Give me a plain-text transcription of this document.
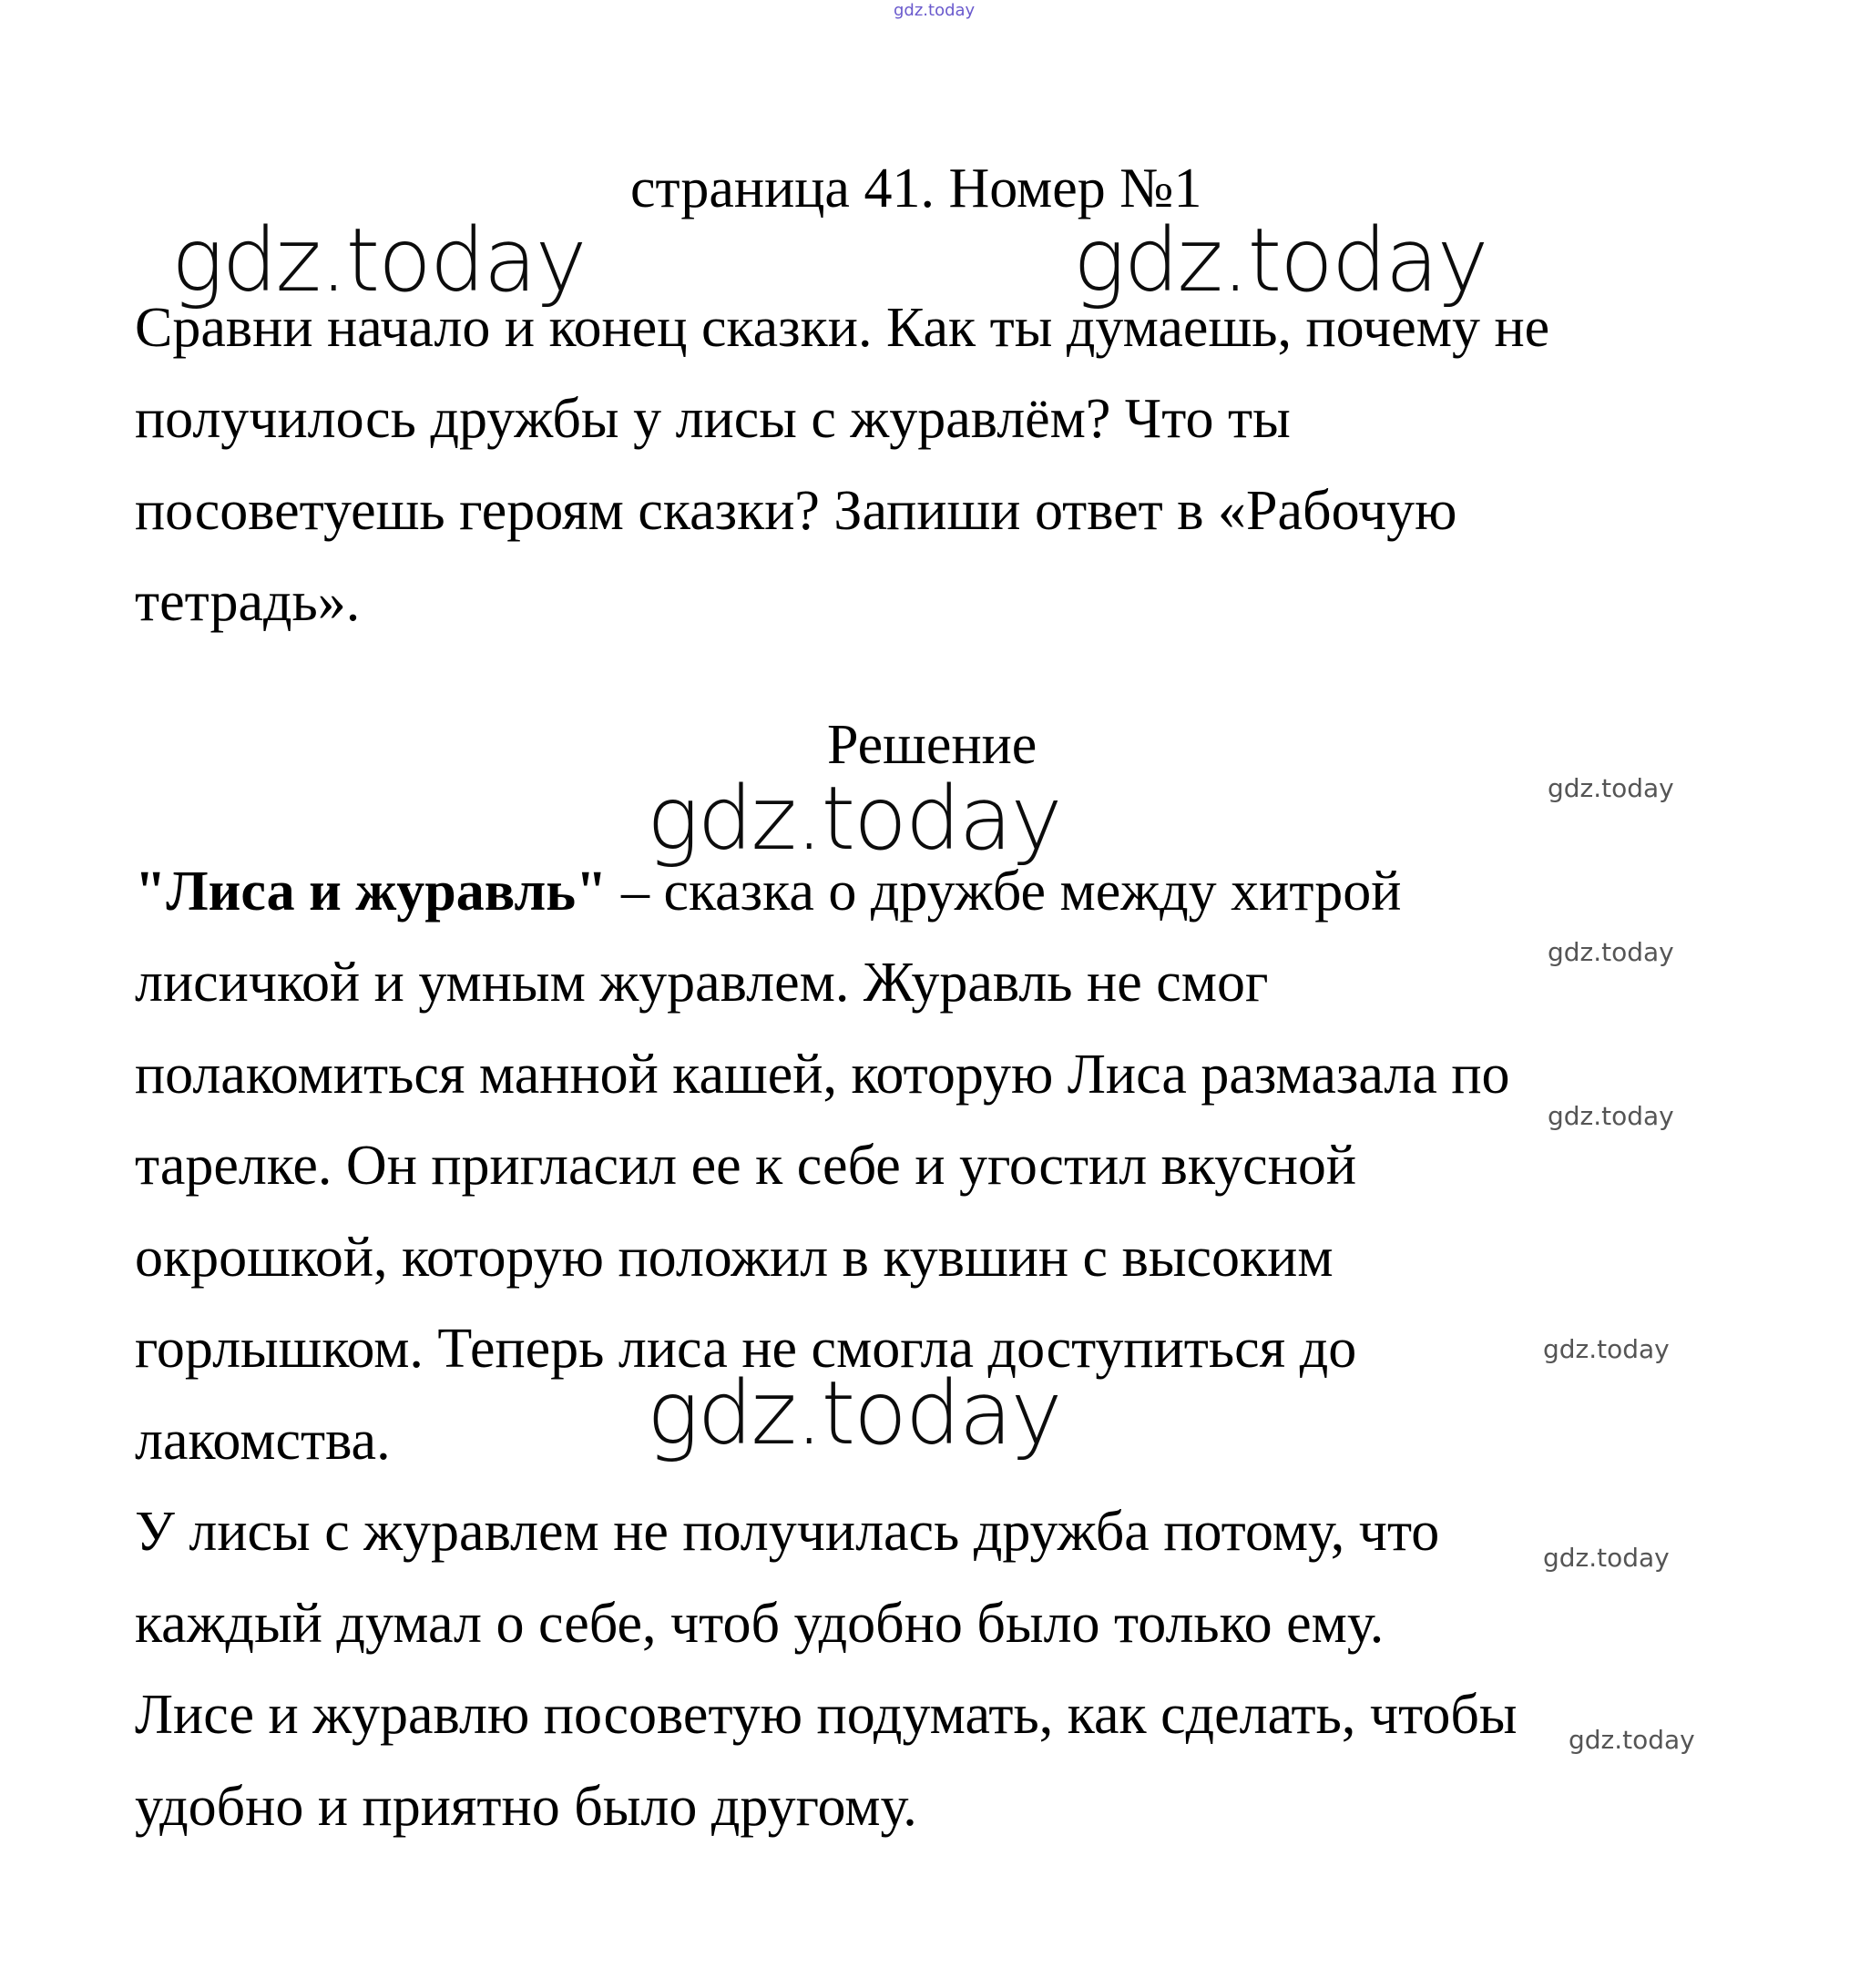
gdz.today
страница 41. Номер №1
Сравни начало и конец сказки. Как ты думаешь, почему не
получилось дружбы у лисы с журавлём? Что ты
посоветуешь героям сказки? Запиши ответ в «Рабочую
тетрадь».
Решение
"Лиса и журавль" – сказка о дружбе между хитрой
лисичкой и умным журавлем. Журавль не смог
полакомиться манной кашей, которую Лиса размазала по
тарелке. Он пригласил ее к себе и угостил вкусной
окрошкой, которую положил в кувшин с высоким
горлышком. Теперь лиса не смогла доступиться до
лакомства.
У лисы с журавлем не получилась дружба потому, что
каждый думал о себе, чтоб удобно было только ему.
Лисе и журавлю посоветую подумать, как сделать, чтобы
удобно и приятно было другому.
gdz.today	gdz.today
gdz.today
gdz.today
gdz.today
gdz.today
gdz.today
gdz.today
gdz.today
gdz.today
